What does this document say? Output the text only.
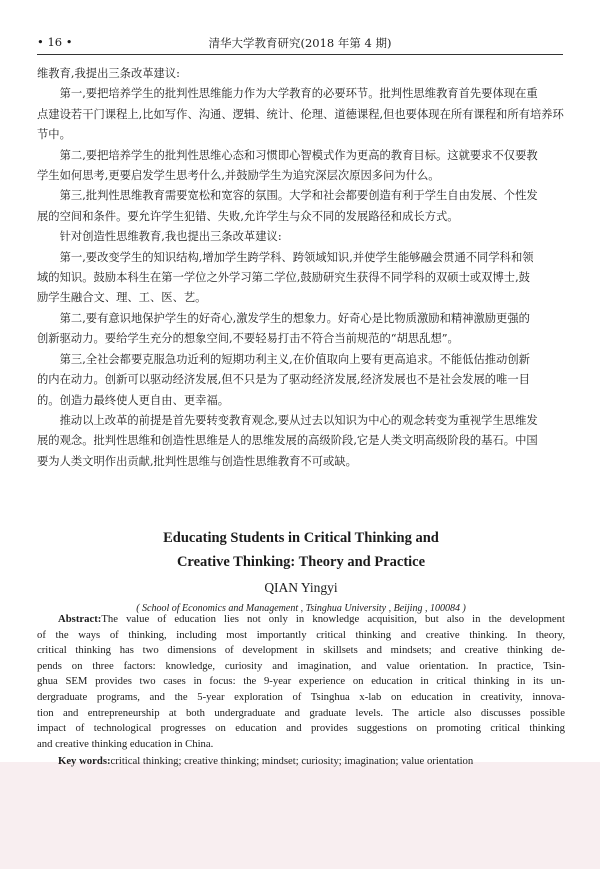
• 16 •	清华大学教育研究(2018 年第 4 期)

维教育,我提出三条改革建议:

第一,要把培养学生的批判性思维能力作为大学教育的必要环节。批判性思维教育首先要体现在重

点建设若干门课程上,比如写作、沟通、逻辑、统计、伦理、道德课程,但也要体现在所有课程和所有培养环

节中。

第二,要把培养学生的批判性思维心态和习惯即心智模式作为更高的教育目标。这就要求不仅要教

学生如何思考,更要启发学生思考什么,并鼓励学生为追究深层次原因多问为什么。

第三,批判性思维教育需要宽松和宽容的氛围。大学和社会都要创造有利于学生自由发展、个性发

展的空间和条件。要允许学生犯错、失败,允许学生与众不同的发展路径和成长方式。

针对创造性思维教育,我也提出三条改革建议:

第一,要改变学生的知识结构,增加学生跨学科、跨领域知识,并使学生能够融会贯通不同学科和领

域的知识。鼓励本科生在第一学位之外学习第二学位,鼓励研究生获得不同学科的双硕士或双博士,鼓

励学生融合文、理、工、医、艺。

第二,要有意识地保护学生的好奇心,激发学生的想象力。好奇心是比物质激励和精神激励更强的

创新驱动力。要给学生充分的想象空间,不要轻易打击不符合当前规范的“胡思乱想”。

第三,全社会都要克服急功近利的短期功利主义,在价值取向上要有更高追求。不能低估推动创新

的内在动力。创新可以驱动经济发展,但不只是为了驱动经济发展,经济发展也不是社会发展的唯一目

的。创造力最终使人更自由、更幸福。

推动以上改革的前提是首先要转变教育观念,要从过去以知识为中心的观念转变为重视学生思维发

展的观念。批判性思维和创造性思维是人的思维发展的高级阶段,它是人类文明高级阶段的基石。中国

要为人类文明作出贡献,批判性思维与创造性思维教育不可或缺。

Educating Students in Critical Thinking and
Creative Thinking: Theory and Practice
QIAN Yingyi
( School of Economics and Management , Tsinghua University , Beijing , 100084 )
Abstract:The value of education lies not only in knowledge acquisition, but also in the development
of the ways of thinking, including most importantly critical thinking and creative thinking. In theory,
critical thinking has two dimensions of development in skillsets and mindsets; and creative thinking de-
pends on three factors: knowledge, curiosity and imagination, and value orientation. In practice, Tsin-
ghua SEM provides two cases in focus: the 9-year experience on education in critical thinking in its un-
dergraduate programs, and the 5-year exploration of Tsinghua x-lab on education in creativity, innova-
tion and entrepreneurship at both undergraduate and graduate levels. The article also discusses possible
impact of technological progresses on education and provides suggestions on promoting critical thinking
and creative thinking education in China.
Key words:critical thinking; creative thinking; mindset; curiosity; imagination; value orientation
